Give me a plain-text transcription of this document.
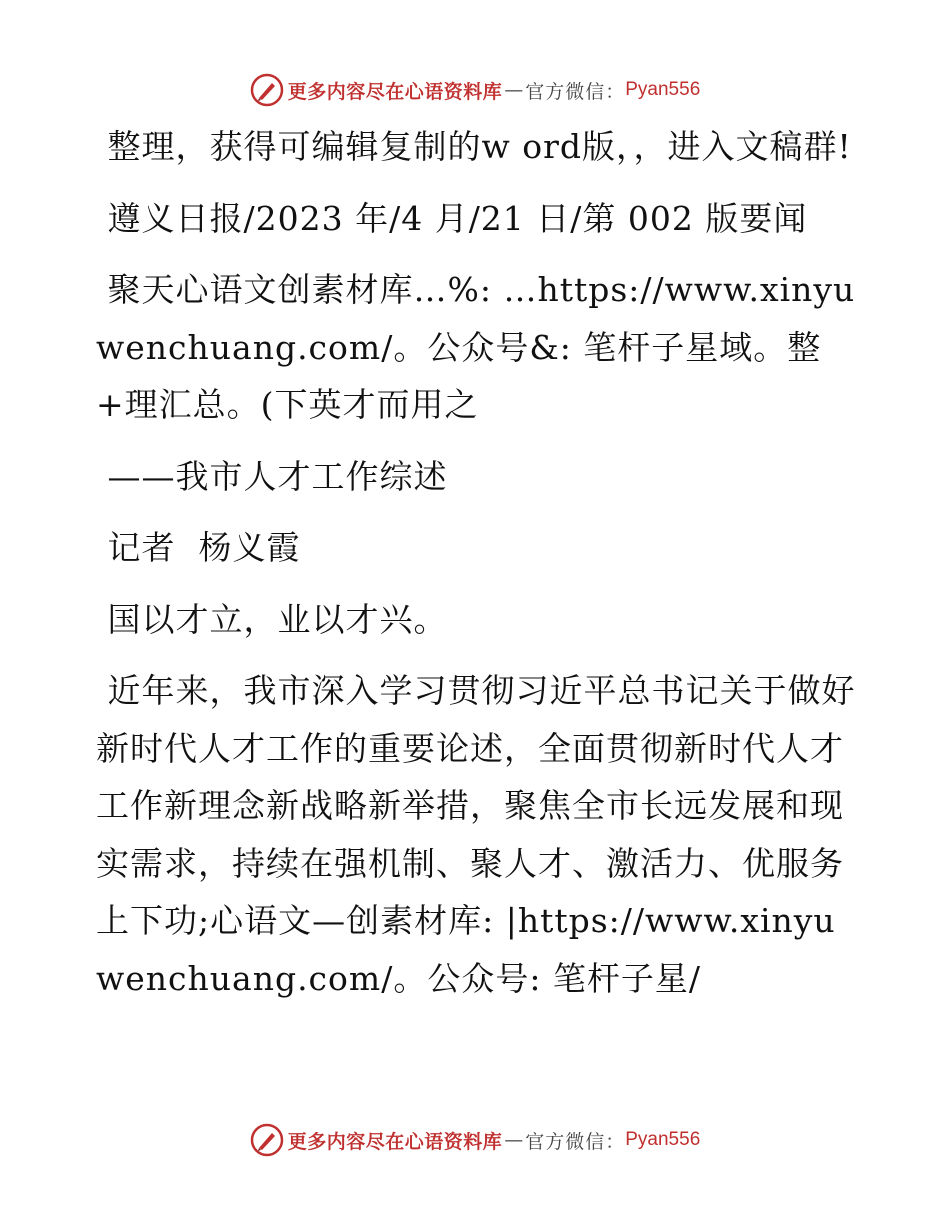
更多内容尽在心语资料库 — 官方微信： Pyan556

整理，获得可编辑复制的w ord版，，进入文稿群!

遵义日报/2023 年/4 月/21 日/第 002 版要闻

聚天心语文创素材库…%: …https://www.xinyuwenchuang.com/。公众号&: 笔杆子星域。整+理汇总。(下英才而用之

——我市人才工作综述

记者  杨义霞

国以才立，业以才兴。

近年来，我市深入学习贯彻习近平总书记关于做好新时代人才工作的重要论述，全面贯彻新时代人才工作新理念新战略新举措，聚焦全市长远发展和现实需求，持续在强机制、聚人才、激活力、优服务上下功;心语文—创素材库: |https://www.xinyuwenchuang.com/。公众号: 笔杆子星/

更多内容尽在心语资料库 — 官方微信： Pyan556
